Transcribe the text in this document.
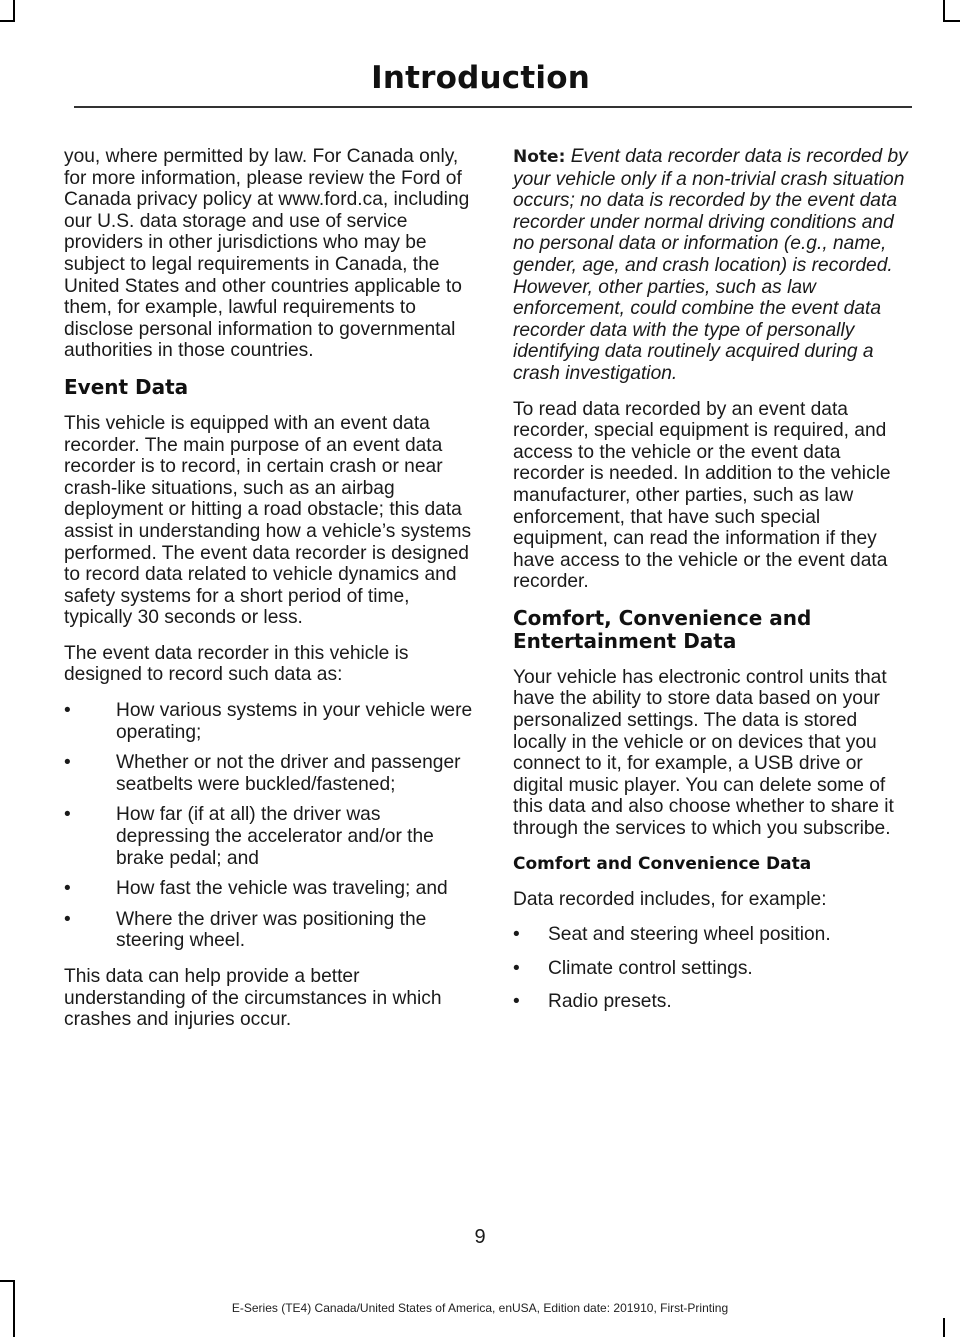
Introduction

you, where permitted by law. For Canada only, for more information, please review the Ford of Canada privacy policy at www.ford.ca, including our U.S. data storage and use of service providers in other jurisdictions who may be subject to legal requirements in Canada, the United States and other countries applicable to them, for example, lawful requirements to disclose personal information to governmental authorities in those countries.

Event Data

This vehicle is equipped with an event data recorder. The main purpose of an event data recorder is to record, in certain crash or near crash-like situations, such as an airbag deployment or hitting a road obstacle; this data assist in understanding how a vehicle’s systems performed. The event data recorder is designed to record data related to vehicle dynamics and safety systems for a short period of time, typically 30 seconds or less.

The event data recorder in this vehicle is designed to record such data as:

• How various systems in your vehicle were operating;
• Whether or not the driver and passenger seatbelts were buckled/fastened;
• How far (if at all) the driver was depressing the accelerator and/or the brake pedal; and
• How fast the vehicle was traveling; and
• Where the driver was positioning the steering wheel.

This data can help provide a better understanding of the circumstances in which crashes and injuries occur.

Note: Event data recorder data is recorded by your vehicle only if a non-trivial crash situation occurs; no data is recorded by the event data recorder under normal driving conditions and no personal data or information (e.g., name, gender, age, and crash location) is recorded. However, other parties, such as law enforcement, could combine the event data recorder data with the type of personally identifying data routinely acquired during a crash investigation.

To read data recorded by an event data recorder, special equipment is required, and access to the vehicle or the event data recorder is needed. In addition to the vehicle manufacturer, other parties, such as law enforcement, that have such special equipment, can read the information if they have access to the vehicle or the event data recorder.

Comfort, Convenience and Entertainment Data

Your vehicle has electronic control units that have the ability to store data based on your personalized settings. The data is stored locally in the vehicle or on devices that you connect to it, for example, a USB drive or digital music player. You can delete some of this data and also choose whether to share it through the services to which you subscribe.

Comfort and Convenience Data

Data recorded includes, for example:

• Seat and steering wheel position.
• Climate control settings.
• Radio presets.
9
E-Series (TE4) Canada/United States of America, enUSA, Edition date: 201910, First-Printing
